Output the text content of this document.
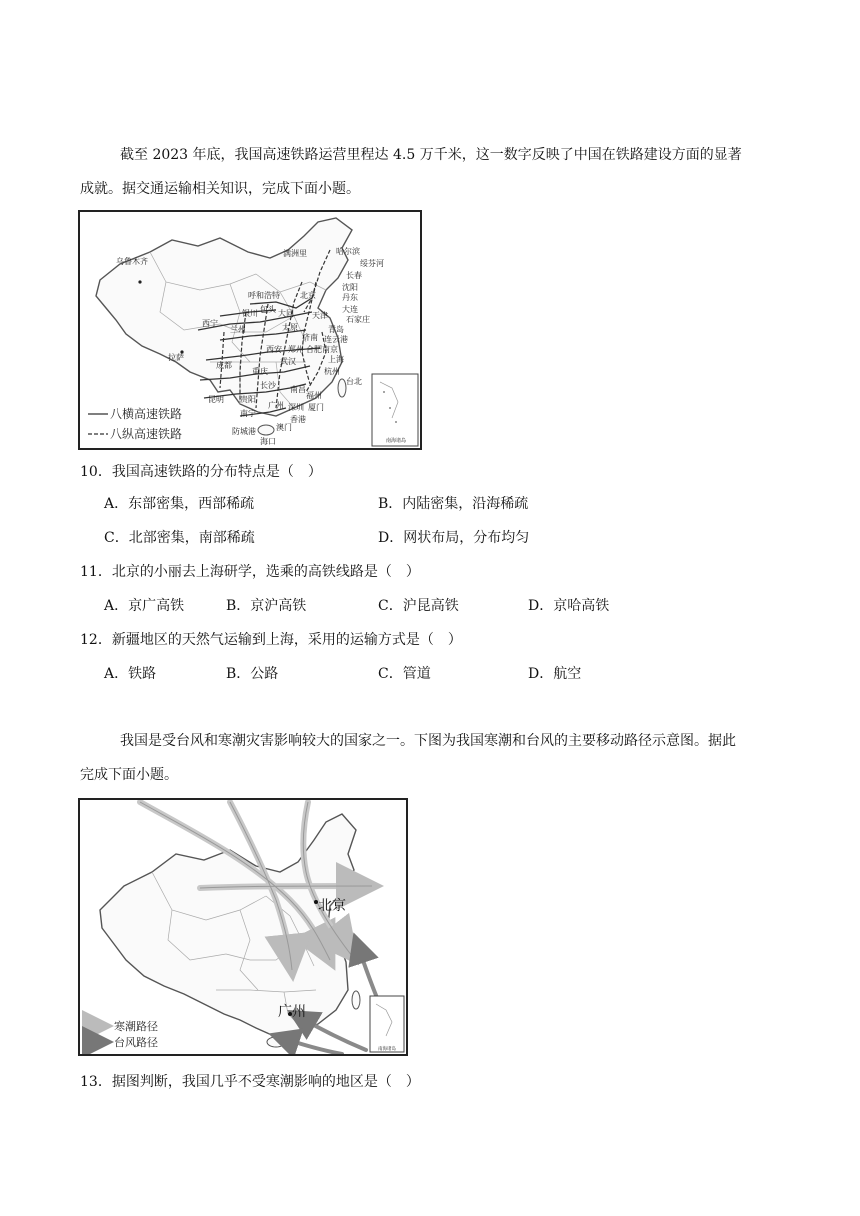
截至 2023 年底，我国高速铁路运营里程达 4.5 万千米，这一数字反映了中国在铁路建设方面的显著
成就。据交通运输相关知识，完成下面小题。
乌鲁木齐
满洲里	哈尔滨
绥芬河
长春
沈阳
丹东
呼和浩特	北京
包头	大连
石家庄
西宁
银川	大同 天津
兰州	太原	青岛
济南 连云港
西安 郑州 合肥 南京
上海
拉萨
成都	武汉
杭州
重庆
长沙 南昌
台北
昆明 贵阳	福州
广州 深圳 厦门
南宁
香港
澳门
防城港
海口
八横高速铁路
八纵高速铁路	南海诸岛
10．我国高速铁路的分布特点是（　）
A．东部密集，西部稀疏	B．内陆密集，沿海稀疏
C．北部密集，南部稀疏	D．网状布局，分布均匀
11．北京的小丽去上海研学，选乘的高铁线路是（　）
A．京广高铁	B．京沪高铁	C．沪昆高铁	D．京哈高铁
12．新疆地区的天然气运输到上海，采用的运输方式是（　）
A．铁路	B．公路	C．管道	D．航空
我国是受台风和寒潮灾害影响较大的国家之一。下图为我国寒潮和台风的主要移动路径示意图。据此
完成下面小题。
北京
广州
寒潮路径
台风路径
南海诸岛
13．据图判断，我国几乎不受寒潮影响的地区是（　）
